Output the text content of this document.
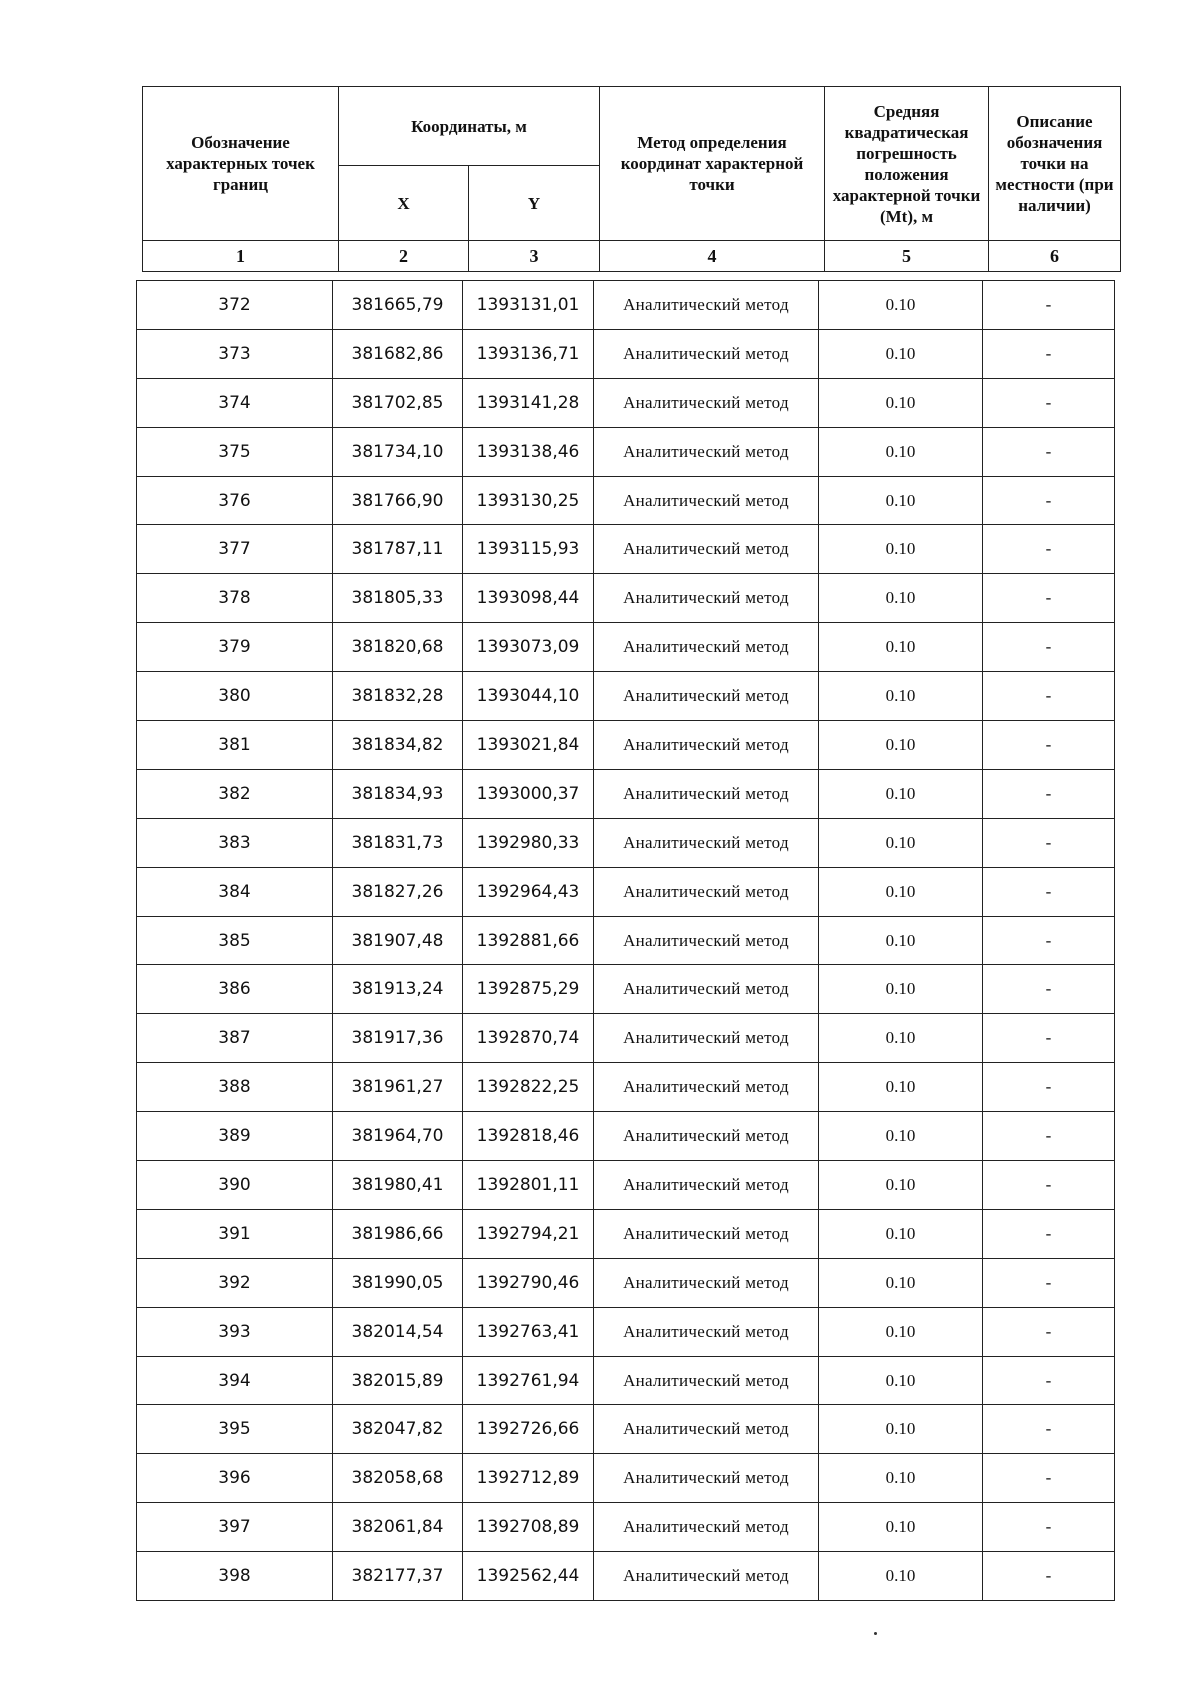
Обозначение характерных точек границ	Координаты, м		Метод определения координат характерной точки	Средняя квадратическая погрешность положения характерной точки (Mt), м	Описание обозначения точки на местности (при наличии)
	X	Y			
1	2	3	4	5	6
372	381665,79	1393131,01	Аналитический метод	0.10	-
373	381682,86	1393136,71	Аналитический метод	0.10	-
374	381702,85	1393141,28	Аналитический метод	0.10	-
375	381734,10	1393138,46	Аналитический метод	0.10	-
376	381766,90	1393130,25	Аналитический метод	0.10	-
377	381787,11	1393115,93	Аналитический метод	0.10	-
378	381805,33	1393098,44	Аналитический метод	0.10	-
379	381820,68	1393073,09	Аналитический метод	0.10	-
380	381832,28	1393044,10	Аналитический метод	0.10	-
381	381834,82	1393021,84	Аналитический метод	0.10	-
382	381834,93	1393000,37	Аналитический метод	0.10	-
383	381831,73	1392980,33	Аналитический метод	0.10	-
384	381827,26	1392964,43	Аналитический метод	0.10	-
385	381907,48	1392881,66	Аналитический метод	0.10	-
386	381913,24	1392875,29	Аналитический метод	0.10	-
387	381917,36	1392870,74	Аналитический метод	0.10	-
388	381961,27	1392822,25	Аналитический метод	0.10	-
389	381964,70	1392818,46	Аналитический метод	0.10	-
390	381980,41	1392801,11	Аналитический метод	0.10	-
391	381986,66	1392794,21	Аналитический метод	0.10	-
392	381990,05	1392790,46	Аналитический метод	0.10	-
393	382014,54	1392763,41	Аналитический метод	0.10	-
394	382015,89	1392761,94	Аналитический метод	0.10	-
395	382047,82	1392726,66	Аналитический метод	0.10	-
396	382058,68	1392712,89	Аналитический метод	0.10	-
397	382061,84	1392708,89	Аналитический метод	0.10	-
398	382177,37	1392562,44	Аналитический метод	0.10	-
